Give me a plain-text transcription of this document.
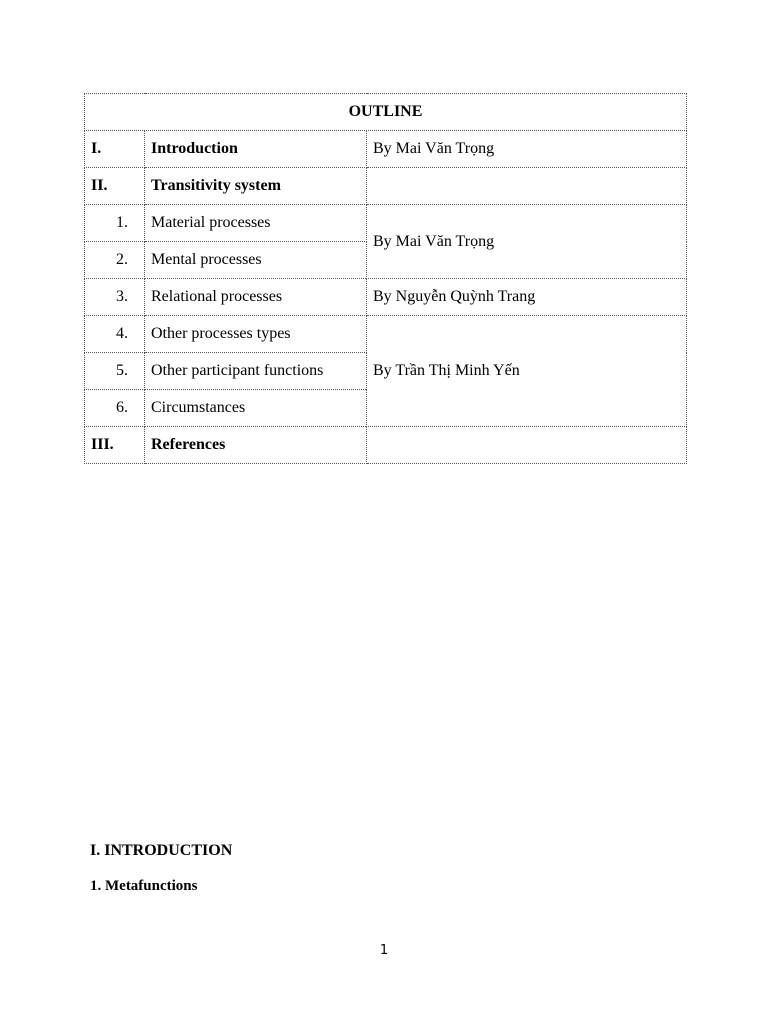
OUTLINE		
I.	Introduction	By Mai Văn Trọng
II.	Transitivity system	
1.	Material processes	By Mai Văn Trọng
2.	Mental processes	
3.	Relational processes	By Nguyễn Quỳnh Trang
4.	Other processes types	By Trần Thị Minh Yến
5.	Other participant functions	
6.	Circumstances	
III.	References	
I. INTRODUCTION
1. Metafunctions
1
